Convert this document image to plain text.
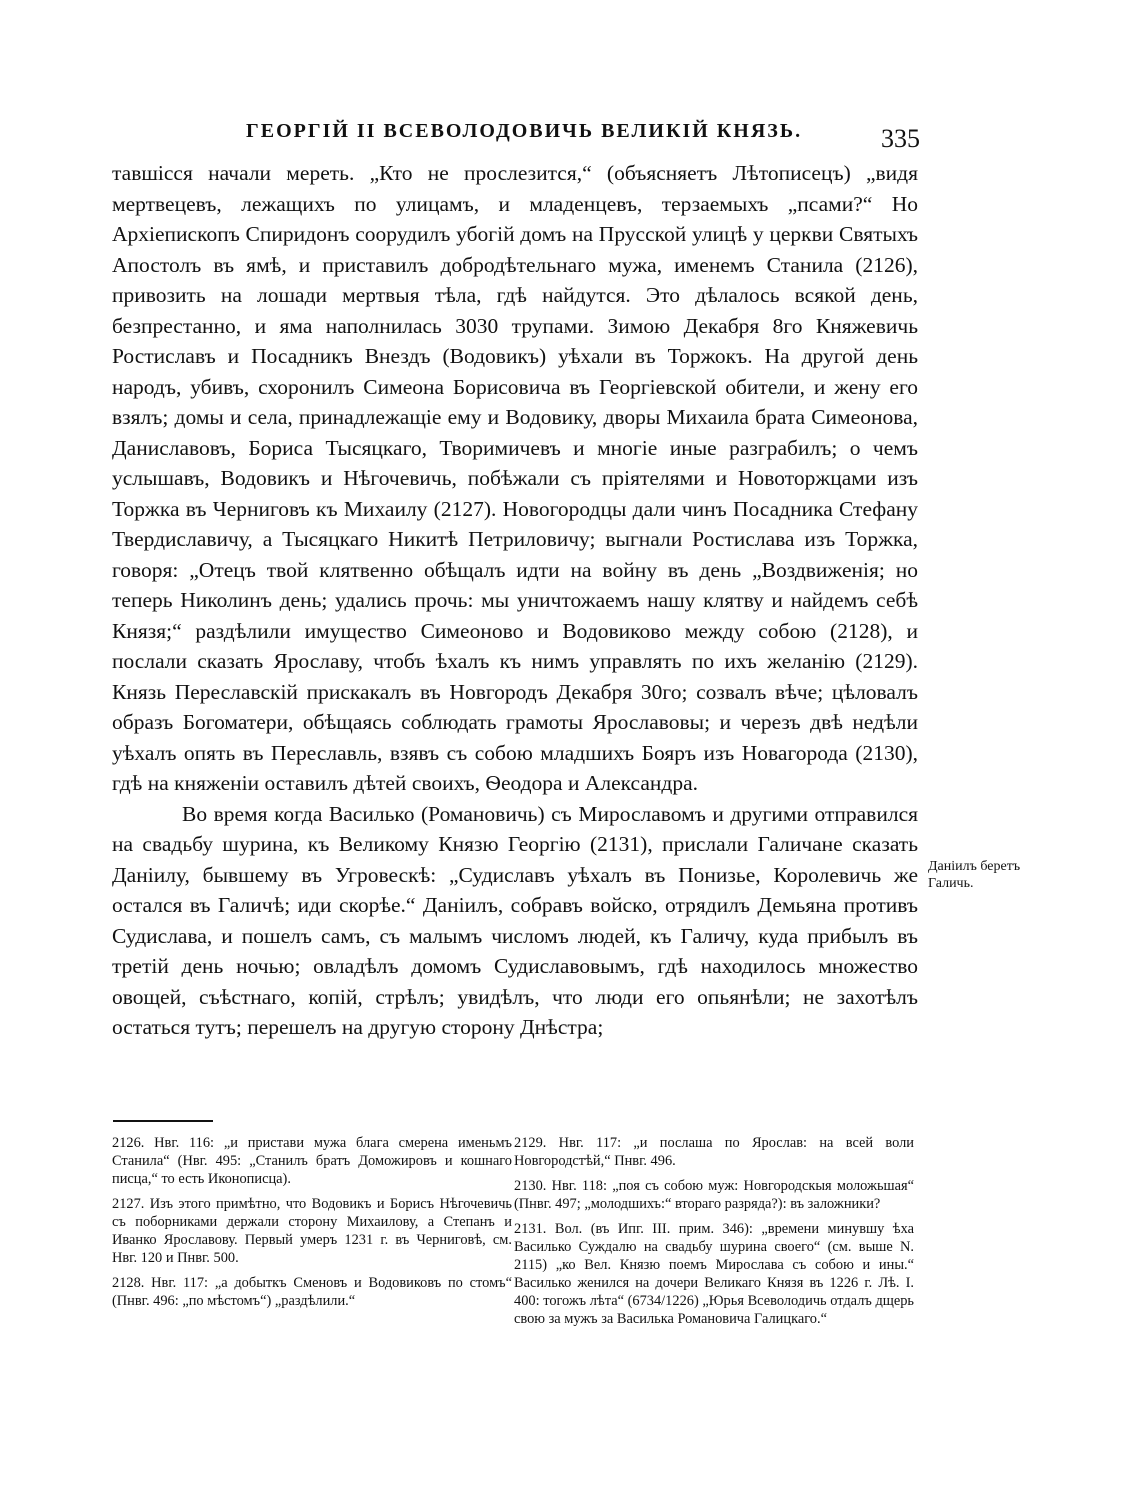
ГЕОРГІЙ II ВСЕВОЛОДОВИЧЬ ВЕЛИКІЙ КНЯЗЬ.	335

тавшісся начали мереть. „Кто не прослезится,“ (объясняетъ Лѣтописецъ) „видя мертвецевъ, лежащихъ по улицамъ, и младенцевъ, терзаемыхъ „псами?“ Но Архіепископъ Спиридонъ соорудилъ убогій домъ на Прусской улицѣ у церкви Святыхъ Апостолъ въ ямѣ, и приставилъ добродѣтельнаго мужа, именемъ Станила (2126), привозить на лошади мертвыя тѣла, гдѣ найдутся. Это дѣлалось всякой день, безпрестанно, и яма наполнилась 3030 трупами. Зимою Декабря 8го Княжевичь Ростиславъ и Посадникъ Внездъ (Водовикъ) уѣхали въ Торжокъ. На другой день народъ, убивъ, схоронилъ Симеона Борисовича въ Георгіевской обители, и жену его взялъ; домы и села, принадлежащіе ему и Водовику, дворы Михаила брата Симеонова, Даниславовъ, Бориса Тысяцкаго, Творимичевъ и многіе иные разграбилъ; о чемъ услышавъ, Водовикъ и Нѣгочевичь, побѣжали съ пріятелями и Новоторжцами изъ Торжка въ Черниговъ къ Михаилу (2127). Новогородцы дали чинъ Посадника Стефану Твердиславичу, а Тысяцкаго Никитѣ Петриловичу; выгнали Ростислава изъ Торжка, говоря: „Отецъ твой клятвенно обѣщалъ идти на войну въ день „Воздвиженія; но теперь Николинъ день; удались прочь: мы уничтожаемъ нашу клятву и найдемъ себѣ Князя;“ раздѣлили имущество Симеоново и Водовиково между собою (2128), и послали сказать Ярославу, чтобъ ѣхалъ къ нимъ управлять по ихъ желанію (2129). Князь Переславскій прискакалъ въ Новгородъ Декабря 30го; созвалъ вѣче; цѣловалъ образъ Богоматери, обѣщаясь соблюдать грамоты Ярославовы; и черезъ двѣ недѣли уѣхалъ опять въ Переславль, взявъ съ собою младшихъ Бояръ изъ Новагорода (2130), гдѣ на княженіи оставилъ дѣтей своихъ, Ѳеодора и Александра.

Во время когда Василько (Романовичь) съ Мирославомъ и другими отправился на свадьбу шурина, къ Великому Князю Георгію (2131), прислали Галичане сказать Даніилу, бывшему въ Угровескѣ: „Судиславъ уѣхалъ въ Понизье, Королевичь же остался въ Галичѣ; иди скорѣе.“ Даніилъ, собравъ войско, отрядилъ Демьяна противъ Судислава, и пошелъ самъ, съ малымъ числомъ людей, къ Галичу, куда прибылъ въ третій день ночью; овладѣлъ домомъ Судиславовымъ, гдѣ находилось множество овощей, съѣстнаго, копій, стрѣлъ; увидѣлъ, что люди его опьянѣли; не захотѣлъ остаться тутъ; перешелъ на другую сторону Днѣстра;

Даніилъ беретъ Галичь.

2126. Нвг. 116: „и пристави мужа блага смерена именьмъ Станила“ (Нвг. 495: „Станилъ братъ Доможировъ и кошнаго писца,“ то есть Иконописца).

2127. Изъ этого примѣтно, что Водовикъ и Борисъ Нѣгочевичь съ поборниками держали сторону Михаилову, а Степанъ и Иванко Ярославову. Первый умеръ 1231 г. въ Черниговѣ, см. Нвг. 120 и Пнвг. 500.

2128. Нвг. 117: „а добыткъ Сменовъ и Водовиковъ по стомъ“ (Пнвг. 496: „по мѣстомъ“) „раздѣлили.“

2129. Нвг. 117: „и послаша по Ярослав: на всей воли Новгородстѣй,“ Пнвг. 496.

2130. Нвг. 118: „поя съ собою муж: Новгородскыя моложьшая“ (Пнвг. 497; „молодшихъ:“ втораго разряда?): въ заложники?

2131. Вол. (въ Ипг. III. прим. 346): „времени минувшу ѣха Василько Суждалю на свадьбу шурина своего“ (см. выше N. 2115) „ко Вел. Князю поемъ Мирослава съ собою и ины.“ Василько женился на дочери Великаго Князя въ 1226 г. Лѣ. I. 400: тогожъ лѣта“ (6734/1226) „Юрья Всеволодичь отдалъ дщерь свою за мужъ за Василька Романовича Галицкаго.“
